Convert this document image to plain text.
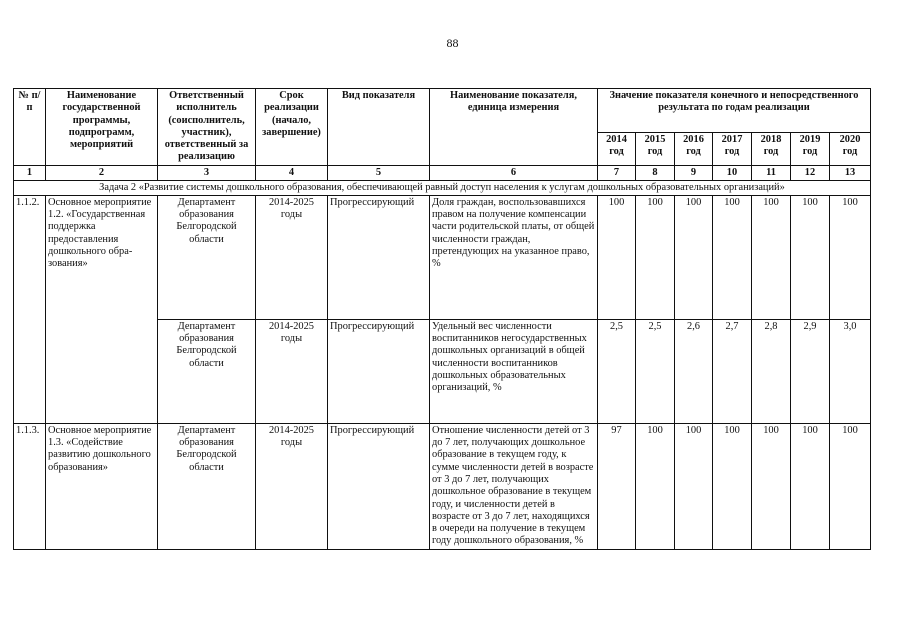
88
№ п/п	Наименование государственной программы, подпрограмм, мероприятий	Ответственный исполнитель (соисполнитель, участник), ответственный за реализацию	Срок реализации (начало, завершение)	Вид показателя	Наименование показателя, единица измерения	Значение показателя конечного и непосредственного результата по годам реализации						
						2014 год	2015 год	2016 год	2017 год	2018 год	2019 год	2020 год
1	2	3	4	5	6	7	8	9	10	11	12	13
Задача 2 «Развитие системы дошкольного образования, обеспечивающей равный доступ населения к услугам дошкольных образовательных организаций»												
1.1.2.	Основное мероприятие 1.2. «Государственная поддержка предоставления дошкольного обра-зования»	Департамент образования Белгородской области	2014-2025 годы	Прогрессирующий	Доля граждан, воспользовавшихся правом на получение компенсации части родительской платы, от общей численности граждан, претендующих на указанное право, %	100	100	100	100	100	100	100
		Департамент образования Белгородской области	2014-2025 годы	Прогрессирующий	Удельный вес численности воспитанников негосударственных дошкольных организаций в общей численности воспитанников дошкольных образовательных организаций, %	2,5	2,5	2,6	2,7	2,8	2,9	3,0
1.1.3.	Основное мероприятие 1.3. «Содействие развитию дошкольного образования»	Департамент образования Белгородской области	2014-2025 годы	Прогрессирующий	Отношение численности детей от 3 до 7 лет, получающих дошкольное образование в текущем году, к сумме численности детей в возрасте от 3 до 7 лет, получающих дошкольное образование в текущем году, и численности детей в возрасте от 3 до 7 лет, находящихся в очереди на получение в текущем году дошкольного образования, %	97	100	100	100	100	100	100
